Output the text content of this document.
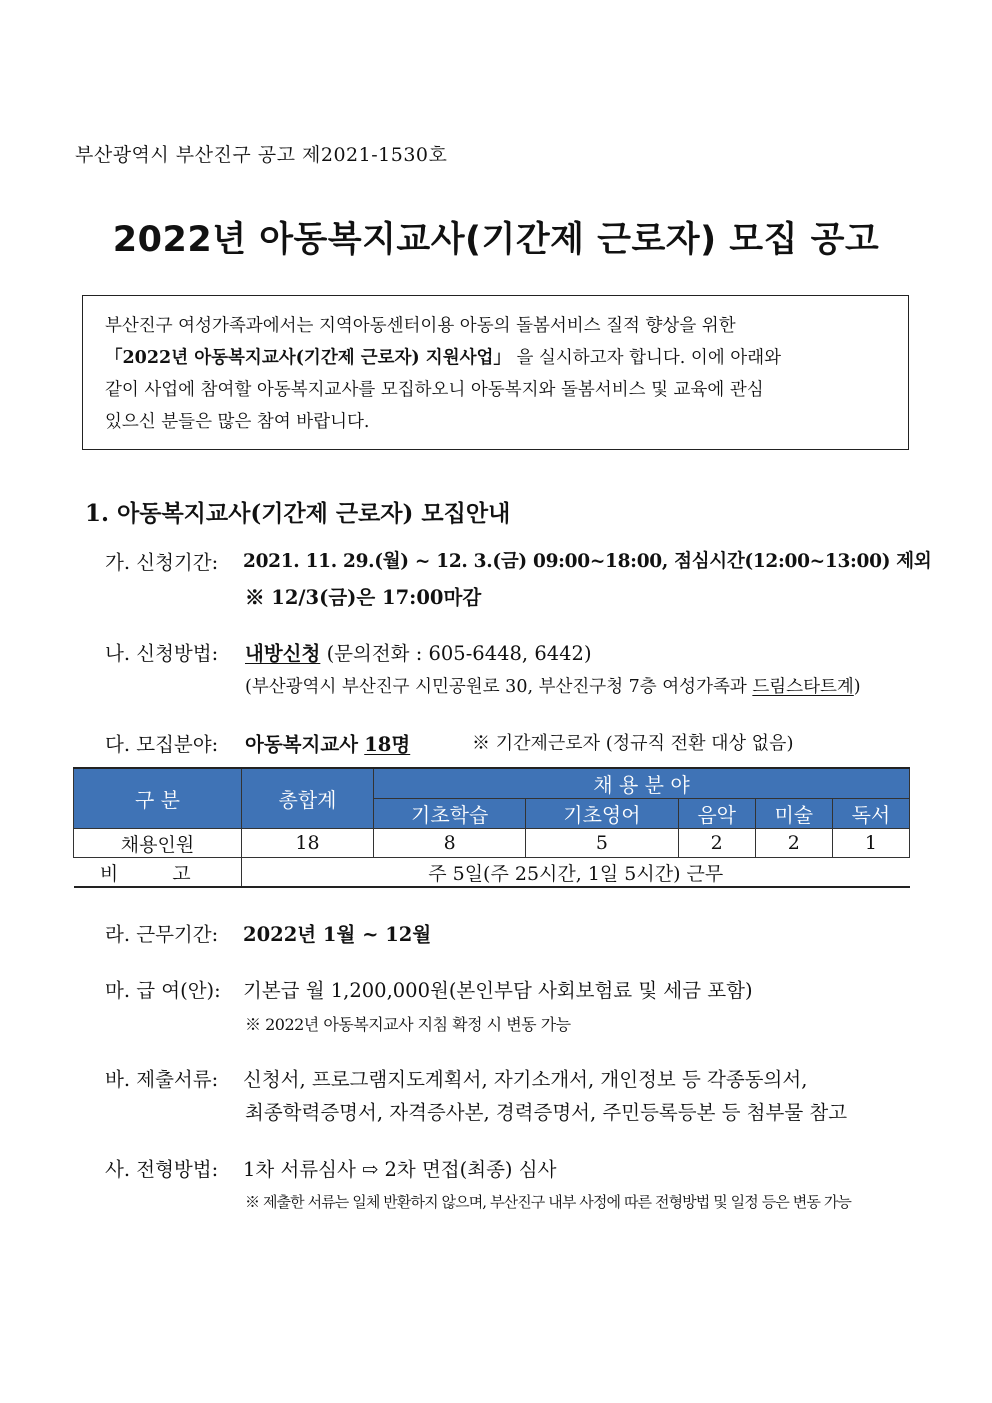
부산광역시 부산진구 공고 제2021-1530호
2022년 아동복지교사(기간제 근로자) 모집 공고
부산진구 여성가족과에서는 지역아동센터이용 아동의 돌봄서비스 질적 향상을 위한
「2022년 아동복지교사(기간제 근로자) 지원사업」 을 실시하고자 합니다. 이에 아래와
같이 사업에 참여할 아동복지교사를 모집하오니 아동복지와 돌봄서비스 및 교육에 관심
있으신 분들은 많은 참여 바랍니다.
1. 아동복지교사(기간제 근로자) 모집안내
가. 신청기간: 2021. 11. 29.(월) ~ 12. 3.(금) 09:00~18:00, 점심시간(12:00~13:00) 제외
※ 12/3(금)은 17:00마감
나. 신청방법: 내방신청 (문의전화 : 605-6448, 6442)
(부산광역시 부산진구 시민공원로 30, 부산진구청 7층 여성가족과 드림스타트계)
다. 모집분야: 아동복지교사 18명	※ 기간제근로자 (정규직 전환 대상 없음)
구 분	총합계	채 용 분 야				
		기초학습	기초영어	음악	미술	독서
채용인원	18	8	5	2	2	1
비 고	주 5일(주 25시간, 1일 5시간) 근무					
라. 근무기간: 2022년 1월 ~ 12월
마. 급 여(안): 기본급 월 1,200,000원(본인부담 사회보험료 및 세금 포함)
※ 2022년 아동복지교사 지침 확정 시 변동 가능
바. 제출서류: 신청서, 프로그램지도계획서, 자기소개서, 개인정보 등 각종동의서,
최종학력증명서, 자격증사본, 경력증명서, 주민등록등본 등 첨부물 참고
사. 전형방법: 1차 서류심사 ⇨ 2차 면접(최종) 심사
※ 제출한 서류는 일체 반환하지 않으며, 부산진구 내부 사정에 따른 전형방법 및 일정 등은 변동 가능
